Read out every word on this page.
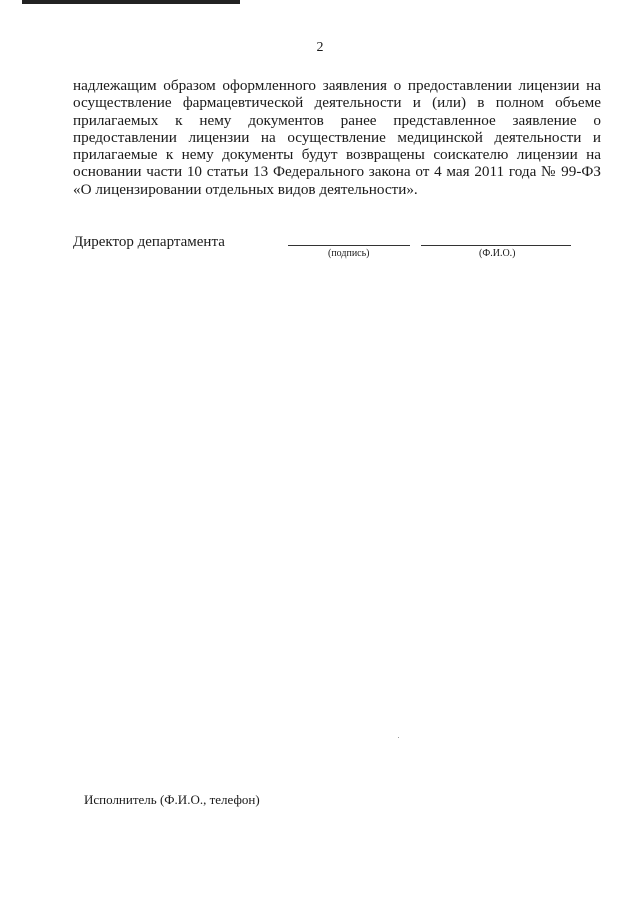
2
надлежащим образом оформленного заявления о предоставлении лицензии на
осуществление фармацевтической деятельности и (или) в полном объеме
прилагаемых к нему документов ранее представленное заявление о
предоставлении лицензии на осуществление медицинской деятельности и
прилагаемые к нему документы будут возвращены соискателю лицензии на
основании части 10 статьи 13 Федерального закона от 4 мая 2011 года № 99-ФЗ
«О лицензировании отдельных видов деятельности».
Директор департамента
(подпись)	(Ф.И.О.)
Исполнитель (Ф.И.О., телефон)
